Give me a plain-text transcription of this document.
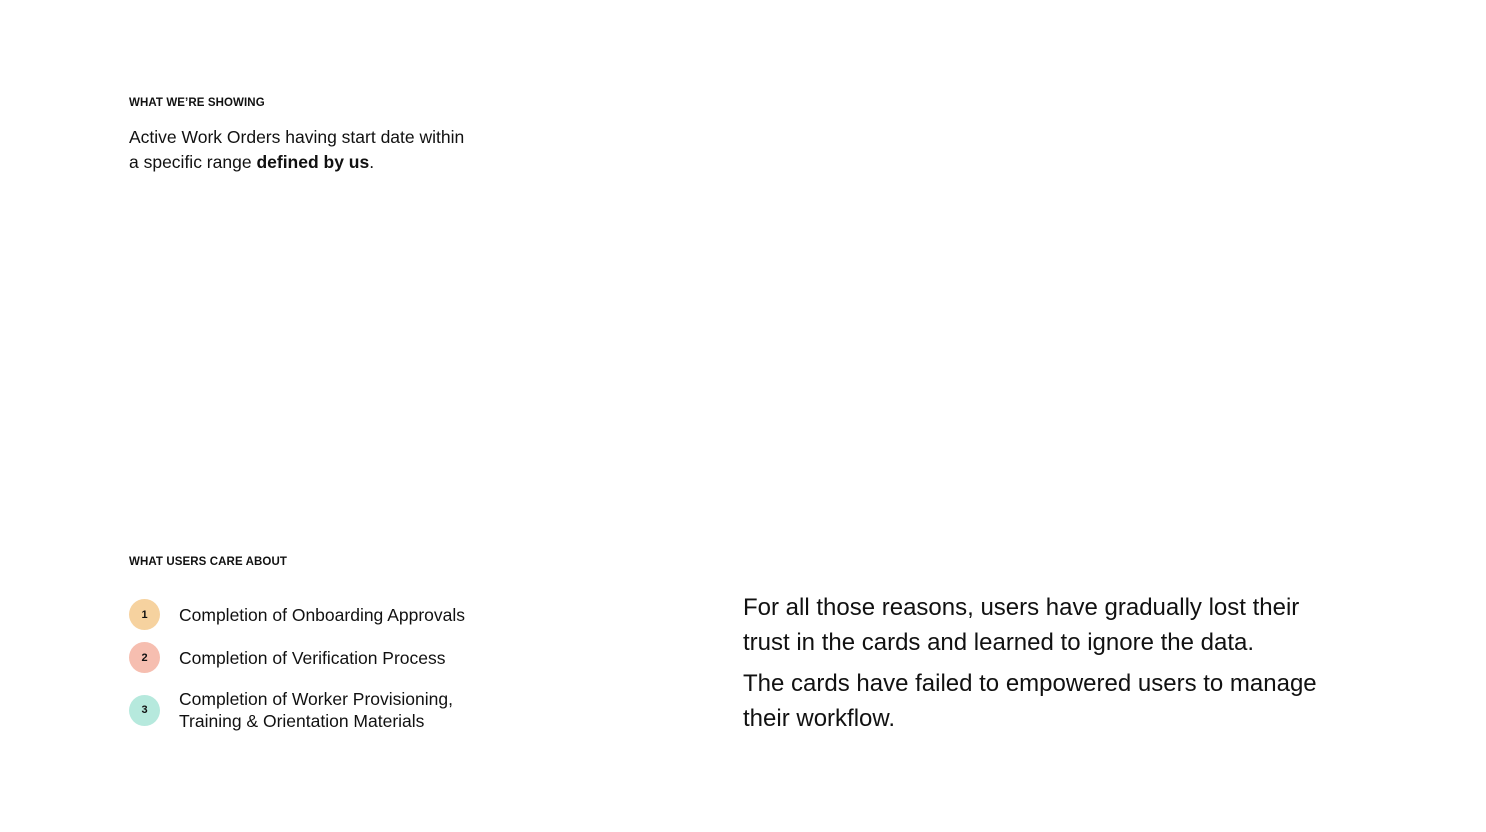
WHAT WE’RE SHOWING

Active Work Orders having start date within a specific range defined by us.

WHAT USERS CARE ABOUT
1	Completion of Onboarding Approvals
2	Completion of Verification Process
3
Completion of Worker Provisioning, Training & Orientation Materials

For all those reasons, users have gradually lost their trust in the cards and learned to ignore the data.

The cards have failed to empowered users to manage their workflow.
